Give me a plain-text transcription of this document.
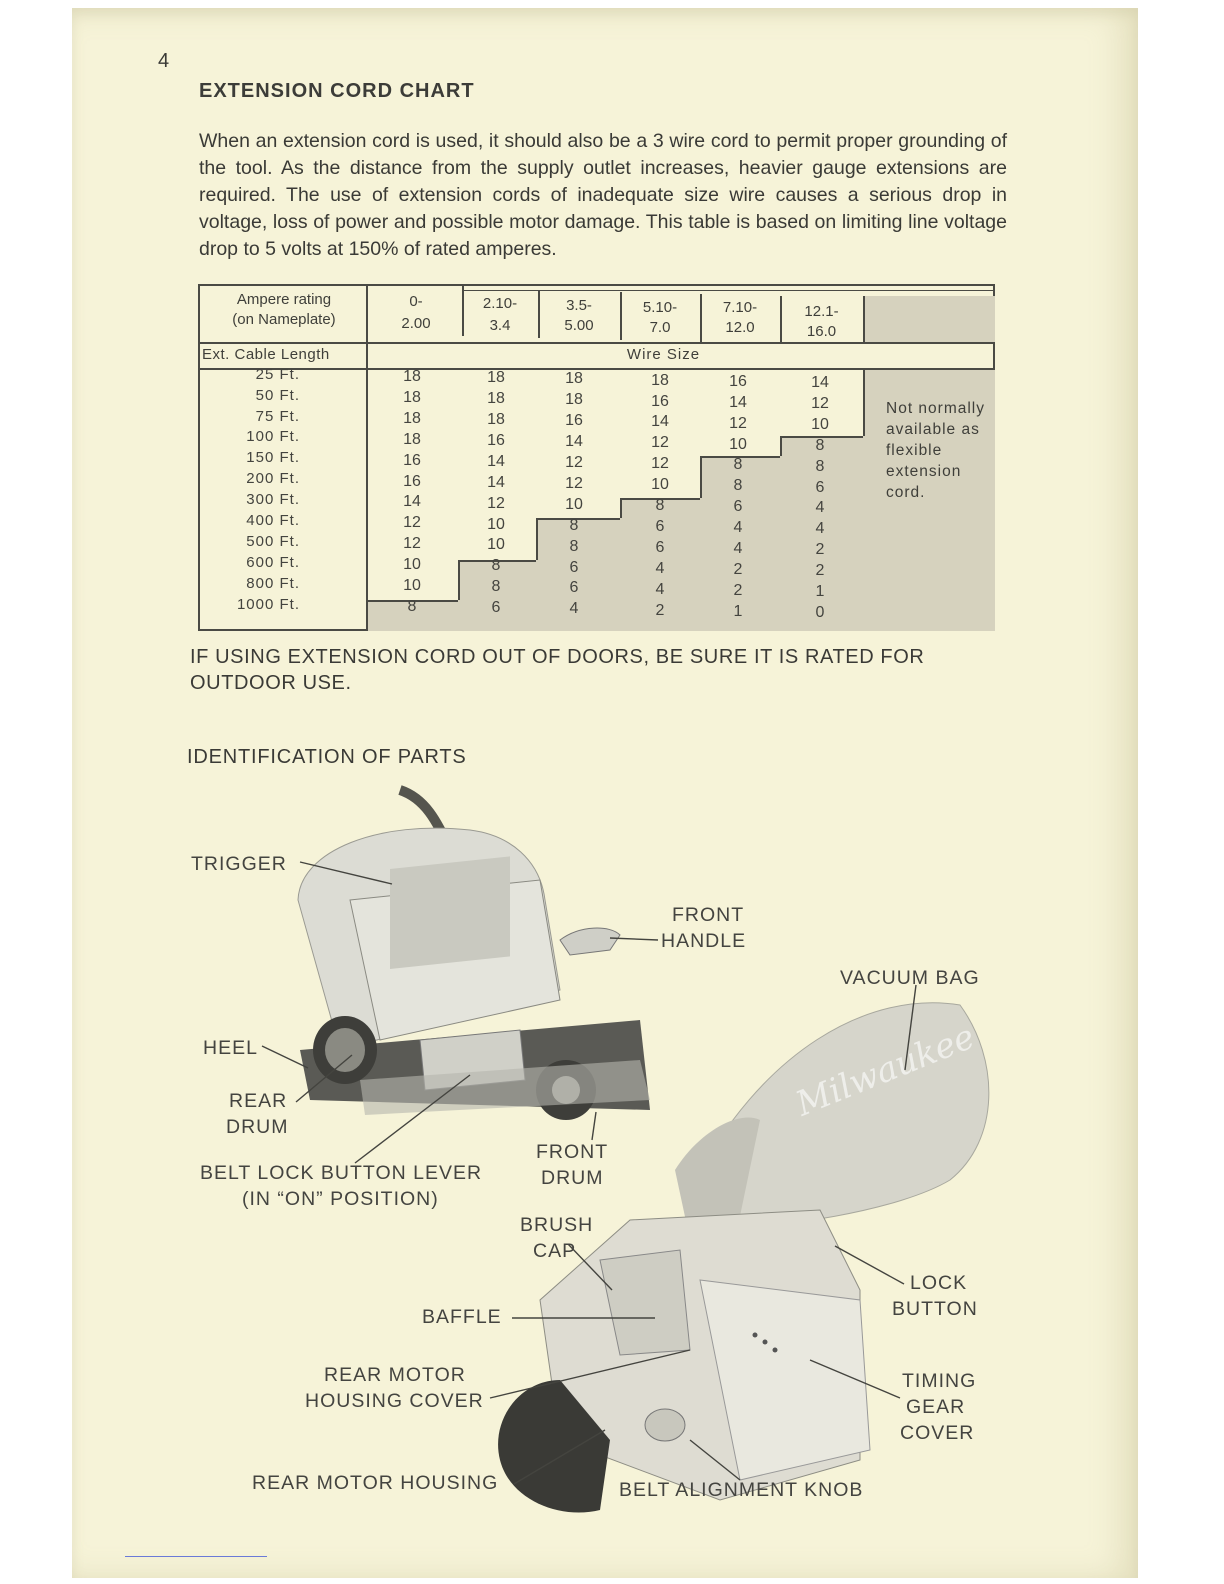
4
EXTENSION CORD CHART
When an extension cord is used, it should also be a 3 wire cord to permit proper grounding of the tool. As the distance from the supply outlet increases, heavier gauge extensions are required. The use of extension cords of inadequate size wire causes a serious drop in voltage, loss of power and possible motor damage. This table is based on limiting line voltage drop to 5 volts at 150% of rated amperes.
Ampere rating
(on Nameplate)
Ext. Cable Length	Wire Size
0-
2.00
2.10-
3.4
3.5-
5.00
5.10-
7.0
7.10-
12.0
12.1-
16.0
25 Ft.
50 Ft.
75 Ft.
100 Ft.
150 Ft.
200 Ft.
300 Ft.
400 Ft.
500 Ft.
600 Ft.
800 Ft.
1000 Ft.
18
18
18
18
16
16
14
12
12
10
10
8
18
18
18
16
14
14
12
10
10
8
8
6
18
18
16
14
12
12
10
8
8
6
6
4
18
16
14
12
12
10
8
6
6
4
4
2
16
14
12
10
8
8
6
4
4
2
2
1
14
12
10
8
8
6
4
4
2
2
1
0
Not normally available as flexible extension cord.
IF USING EXTENSION CORD OUT OF DOORS, BE SURE IT IS RATED FOR OUTDOOR USE.
IDENTIFICATION OF PARTS
Milwaukee
TRIGGER
FRONT
HANDLE
VACUUM BAG
HEEL
REAR
DRUM
FRONT
DRUM
BELT LOCK BUTTON LEVER
(IN “ON” POSITION)
BRUSH
CAP
LOCK
BUTTON
BAFFLE
REAR MOTOR
HOUSING COVER
TIMING
GEAR
COVER
REAR MOTOR HOUSING	BELT ALIGNMENT KNOB
